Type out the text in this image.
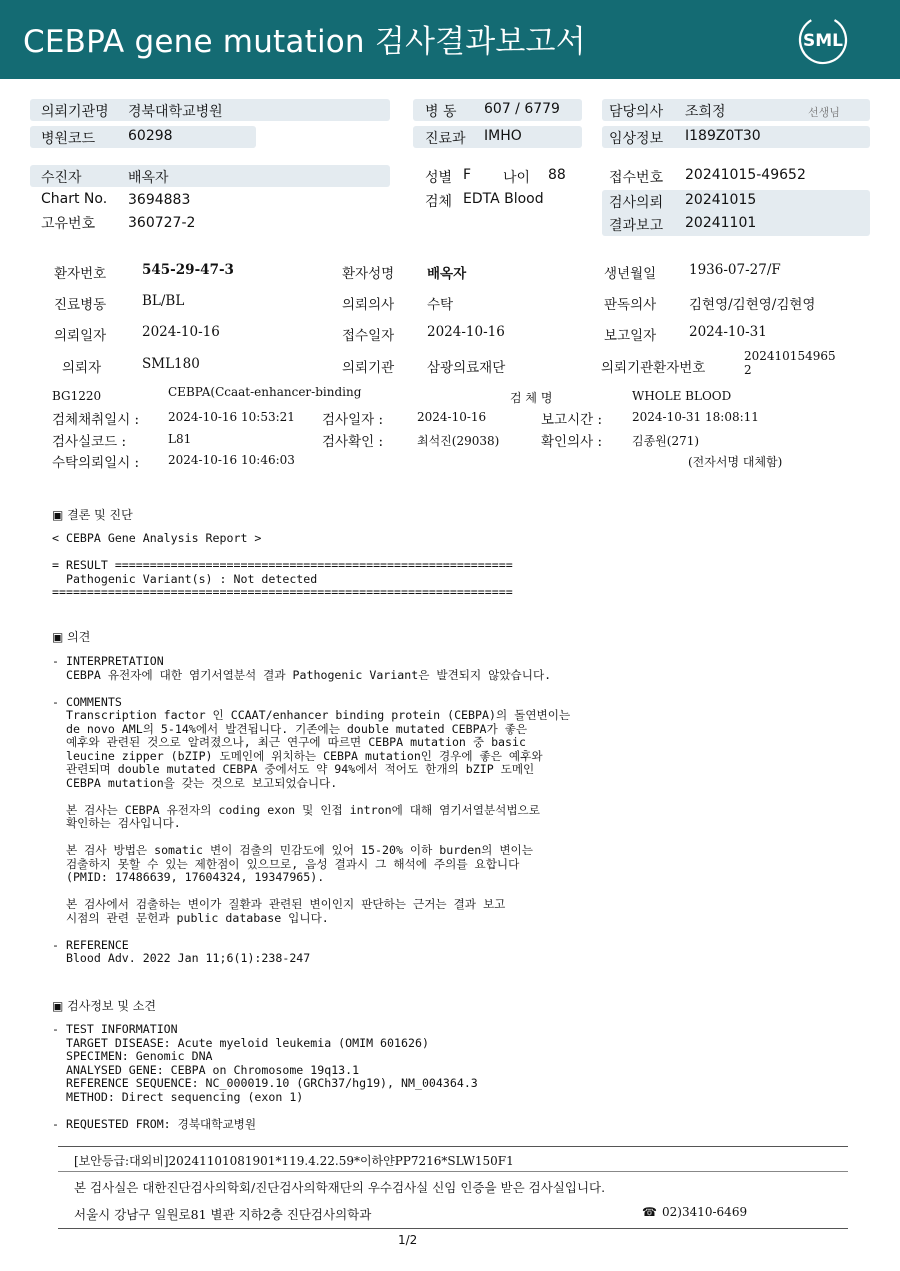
CEBPA gene mutation 검사결과보고서	SML
의뢰기관명 경북대학교병원	병 동 607 / 6779	담당의사 조희정	선생님
병원코드 60298	진료과 IMHO	임상정보 I189Z0T30
수진자	배옥자	성별 F 나이 88	접수번호 20241015-49652
Chart No. 3694883	검체 EDTA Blood	검사의뢰 20241015
고유번호 360727-2	결과보고 20241101
환자번호	545-29-47-3	환자성명 배옥자	생년월일 1936-07-27/F
진료병동	BL/BL	의뢰의사 수탁	판독의사 김현영/김현영/김현영
의뢰일자	2024-10-16	접수일자 2024-10-16	보고일자 2024-10-31
의뢰자	SML180	의뢰기관 삼광의료재단	의뢰기관환자번호
202410154965
2
BG1220	CEBPA(Ccaat-enhancer-binding	검 체 명	WHOLE BLOOD
검체채취일시 : 2024-10-16 10:53:21 검사일자 :	2024-10-16	보고시간 : 2024-10-31 18:08:11
검사실코드 :	L81	검사확인 :	최석진(29038)	확인의사 : 김종원(271)
수탁의뢰일시 : 2024-10-16 10:46:03	(전자서명 대체함)
▣ 결론 및 진단
< CEBPA Gene Analysis Report >

= RESULT =========================================================
Pathogenic Variant(s) : Not detected
==================================================================
▣ 의견
- INTERPRETATION
CEBPA 유전자에 대한 염기서열분석 결과 Pathogenic Variant은 발견되지 않았습니다.

- COMMENTS
Transcription factor 인 CCAAT/enhancer binding protein (CEBPA)의 돌연변이는
de novo AML의 5-14%에서 발견됩니다. 기존에는 double mutated CEBPA가 좋은
예후와 관련된 것으로 알려졌으나, 최근 연구에 따르면 CEBPA mutation 중 basic
leucine zipper (bZIP) 도메인에 위치하는 CEBPA mutation인 경우에 좋은 예후와
관련되며 double mutated CEBPA 중에서도 약 94%에서 적어도 한개의 bZIP 도메인
CEBPA mutation을 갖는 것으로 보고되었습니다.

본 검사는 CEBPA 유전자의 coding exon 및 인접 intron에 대해 염기서열분석법으로
확인하는 검사입니다.

본 검사 방법은 somatic 변이 검출의 민감도에 있어 15-20% 이하 burden의 변이는
검출하지 못할 수 있는 제한점이 있으므로, 음성 결과시 그 해석에 주의를 요합니다
(PMID: 17486639, 17604324, 19347965).

본 검사에서 검출하는 변이가 질환과 관련된 변이인지 판단하는 근거는 결과 보고
시점의 관련 문헌과 public database 입니다.

- REFERENCE
Blood Adv. 2022 Jan 11;6(1):238-247
▣ 검사정보 및 소견
- TEST INFORMATION
TARGET DISEASE: Acute myeloid leukemia (OMIM 601626)
SPECIMEN: Genomic DNA
ANALYSED GENE: CEBPA on Chromosome 19q13.1
REFERENCE SEQUENCE: NC_000019.10 (GRCh37/hg19), NM_004364.3
METHOD: Direct sequencing (exon 1)

- REQUESTED FROM: 경북대학교병원
[보안등급:대외비]20241101081901*119.4.22.59*이하얀PP7216*SLW150F1
본 검사실은 대한진단검사의학회/진단검사의학재단의 우수검사실 신임 인증을 받은 검사실입니다.
서울시 강남구 일원로81 별관 지하2층 진단검사의학과	☎ 02)3410-6469
1/2
